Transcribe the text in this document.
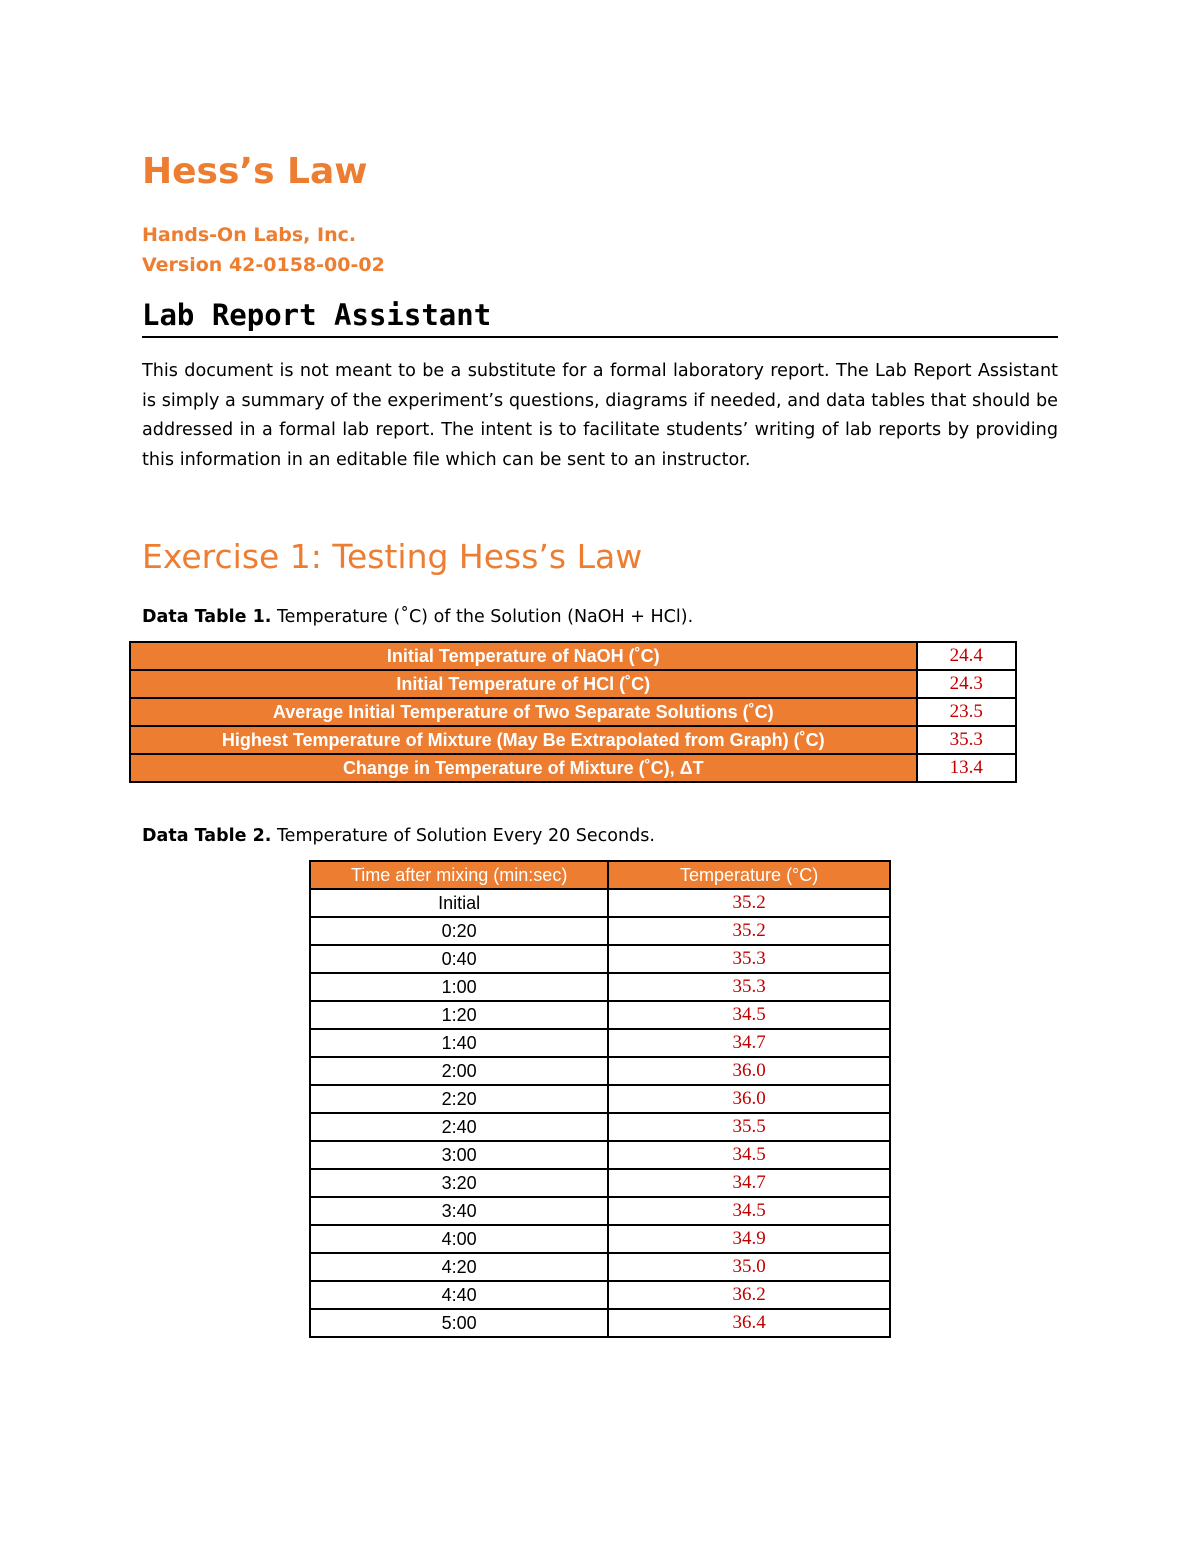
Hess’s Law
Hands-On Labs, Inc.
Version 42-0158-00-02
Lab Report Assistant

This document is not meant to be a substitute for a formal laboratory report. The Lab Report Assistant is simply a summary of the experiment’s questions, diagrams if needed, and data tables that should be addressed in a formal lab report. The intent is to facilitate students’ writing of lab reports by providing this information in an editable file which can be sent to an instructor.

Exercise 1: Testing Hess’s Law

Data Table 1. Temperature (˚C) of the Solution (NaOH + HCl).

Initial Temperature of NaOH (˚C)	24.4
Initial Temperature of HCl (˚C)	24.3
Average Initial Temperature of Two Separate Solutions (˚C)	23.5
Highest Temperature of Mixture (May Be Extrapolated from Graph) (˚C)	35.3
Change in Temperature of Mixture (˚C), ΔT	13.4

Data Table 2. Temperature of Solution Every 20 Seconds.

Time after mixing (min:sec)	Temperature (°C)
Initial	35.2
0:20	35.2
0:40	35.3
1:00	35.3
1:20	34.5
1:40	34.7
2:00	36.0
2:20	36.0
2:40	35.5
3:00	34.5
3:20	34.7
3:40	34.5
4:00	34.9
4:20	35.0
4:40	36.2
5:00	36.4
